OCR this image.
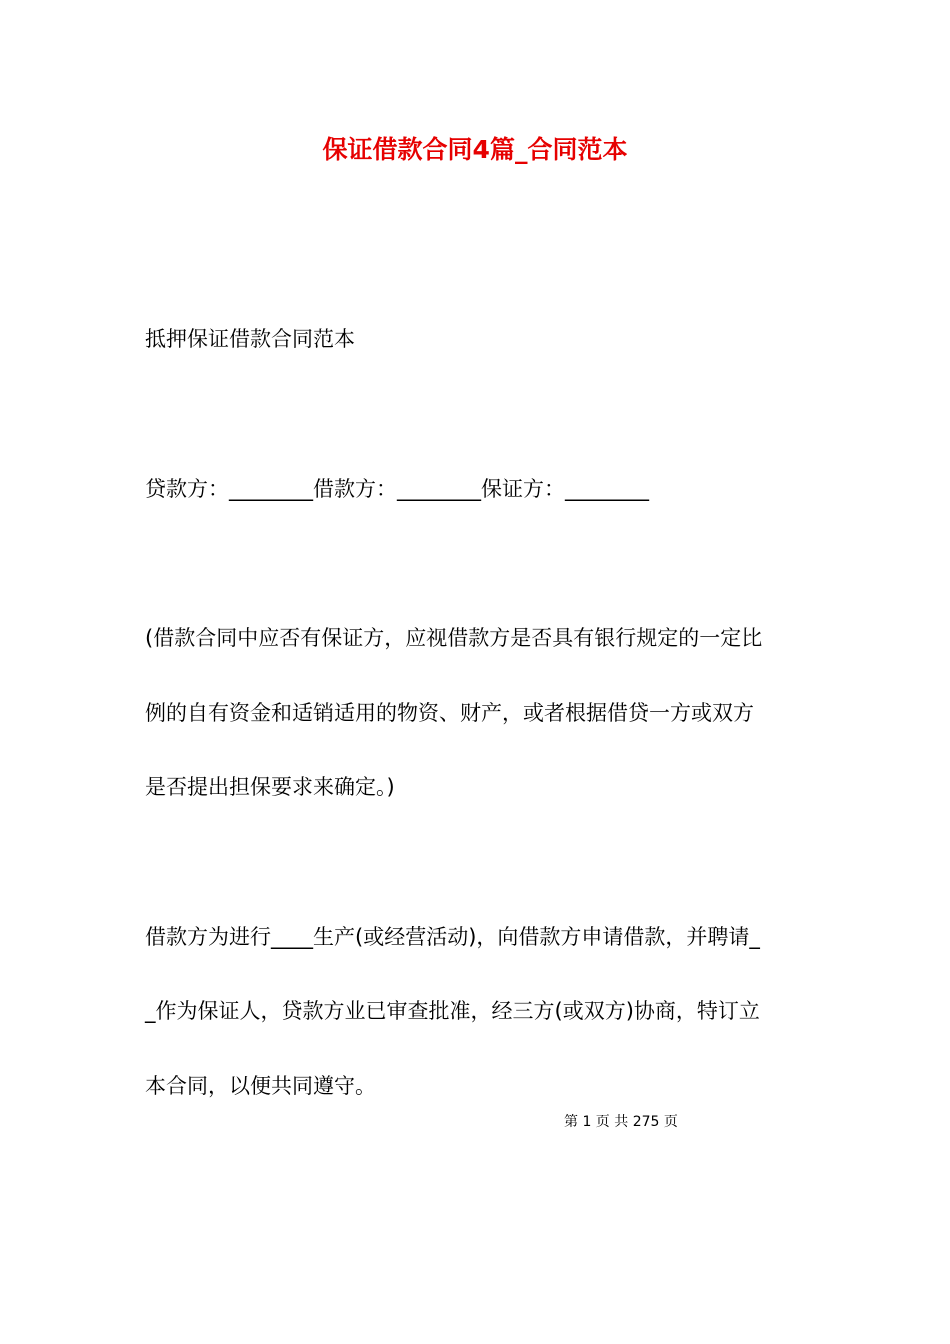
保证借款合同4篇_合同范本
抵押保证借款合同范本
贷款方：________借款方：________保证方：________
(借款合同中应否有保证方，应视借款方是否具有银行规定的一定比
例的自有资金和适销适用的物资、财产，或者根据借贷一方或双方
是否提出担保要求来确定。)
借款方为进行____生产(或经营活动)，向借款方申请借款，并聘请_
_作为保证人，贷款方业已审查批准，经三方(或双方)协商，特订立
本合同，以便共同遵守。
第 1 页 共 275 页
